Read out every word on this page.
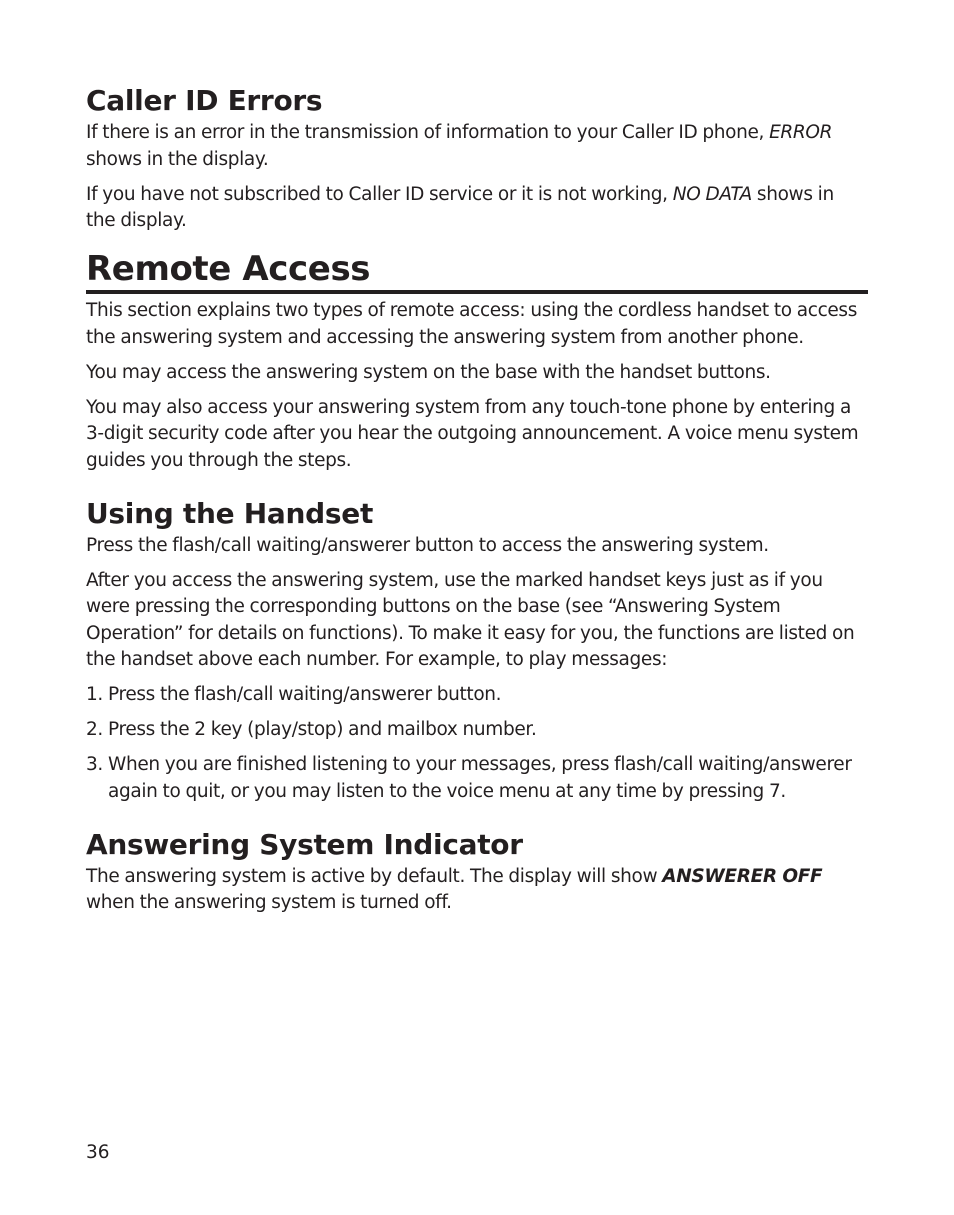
Caller ID Errors

If there is an error in the transmission of information to your Caller ID phone, ERROR shows in the display.

If you have not subscribed to Caller ID service or it is not working, NO DATA shows in the display.

Remote Access

This section explains two types of remote access: using the cordless handset to access the answering system and accessing the answering system from another phone.

You may access the answering system on the base with the handset buttons.

You may also access your answering system from any touch-tone phone by entering a 3-digit security code after you hear the outgoing announcement. A voice menu system guides you through the steps.

Using the Handset

Press the flash/call waiting/answerer button to access the answering system.

After you access the answering system, use the marked handset keys just as if you were pressing the corresponding buttons on the base (see “Answering System Operation” for details on functions). To make it easy for you, the functions are listed on the handset above each number. For example, to play messages:

1. Press the flash/call waiting/answerer button.
2. Press the 2 key (play/stop) and mailbox number.
3. When you are finished listening to your messages, press flash/call waiting/answerer again to quit, or you may listen to the voice menu at any time by pressing 7.
Answering System Indicator

The answering system is active by default. The display will show ANSWERER OFF when the answering system is turned off.

36
